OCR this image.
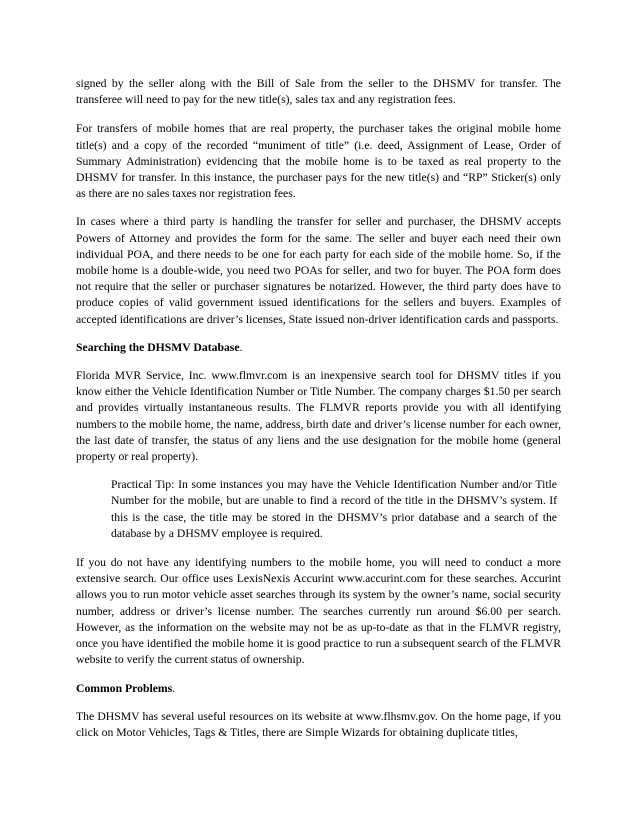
signed by the seller along with the Bill of Sale from the seller to the DHSMV for transfer. The transferee will need to pay for the new title(s), sales tax and any registration fees.

For transfers of mobile homes that are real property, the purchaser takes the original mobile home title(s) and a copy of the recorded “muniment of title” (i.e. deed, Assignment of Lease, Order of Summary Administration) evidencing that the mobile home is to be taxed as real property to the DHSMV for transfer. In this instance, the purchaser pays for the new title(s) and “RP” Sticker(s) only as there are no sales taxes nor registration fees.

In cases where a third party is handling the transfer for seller and purchaser, the DHSMV accepts Powers of Attorney and provides the form for the same. The seller and buyer each need their own individual POA, and there needs to be one for each party for each side of the mobile home. So, if the mobile home is a double-wide, you need two POAs for seller, and two for buyer. The POA form does not require that the seller or purchaser signatures be notarized. However, the third party does have to produce copies of valid government issued identifications for the sellers and buyers. Examples of accepted identifications are driver’s licenses, State issued non-driver identification cards and passports.

Searching the DHSMV Database.

Florida MVR Service, Inc. www.flmvr.com is an inexpensive search tool for DHSMV titles if you know either the Vehicle Identification Number or Title Number. The company charges $1.50 per search and provides virtually instantaneous results. The FLMVR reports provide you with all identifying numbers to the mobile home, the name, address, birth date and driver’s license number for each owner, the last date of transfer, the status of any liens and the use designation for the mobile home (general property or real property).

Practical Tip: In some instances you may have the Vehicle Identification Number and/or Title Number for the mobile, but are unable to find a record of the title in the DHSMV’s system. If this is the case, the title may be stored in the DHSMV’s prior database and a search of the database by a DHSMV employee is required.

If you do not have any identifying numbers to the mobile home, you will need to conduct a more extensive search. Our office uses LexisNexis Accurint www.accurint.com for these searches. Accurint allows you to run motor vehicle asset searches through its system by the owner’s name, social security number, address or driver’s license number. The searches currently run around $6.00 per search. However, as the information on the website may not be as up-to-date as that in the FLMVR registry, once you have identified the mobile home it is good practice to run a subsequent search of the FLMVR website to verify the current status of ownership.

Common Problems.

The DHSMV has several useful resources on its website at www.flhsmv.gov. On the home page, if you click on Motor Vehicles, Tags & Titles, there are Simple Wizards for obtaining duplicate titles,
